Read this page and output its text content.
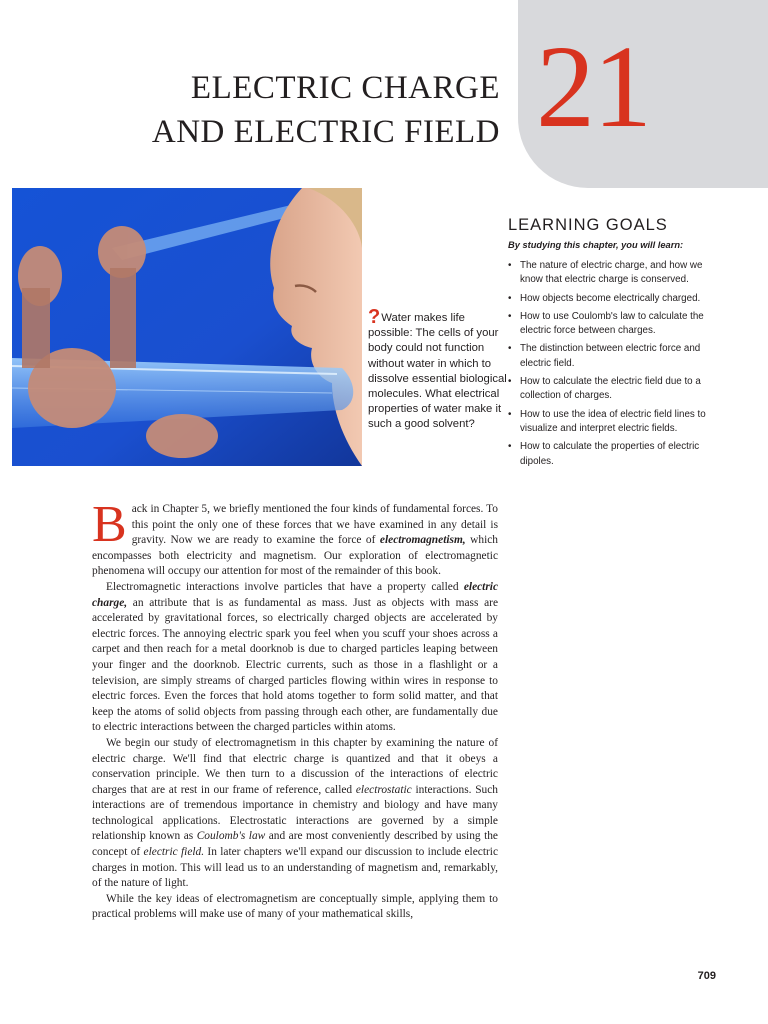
21
ELECTRIC CHARGE
AND ELECTRIC FIELD

?Water makes life possible: The cells of your body could not function without water in which to dissolve essential biological molecules. What electrical properties of water make it such a good solvent?

LEARNING GOALS

By studying this chapter, you will learn:

• The nature of electric charge, and how we know that electric charge is conserved.
• How objects become electrically charged.
• How to use Coulomb's law to calculate the electric force between charges.
• The distinction between electric force and electric field.
• How to calculate the electric field due to a collection of charges.
• How to use the idea of electric field lines to visualize and interpret electric fields.
• How to calculate the properties of electric dipoles.

Back in Chapter 5, we briefly mentioned the four kinds of fundamental forces. To this point the only one of these forces that we have examined in any detail is gravity. Now we are ready to examine the force of electromagnetism, which encompasses both electricity and magnetism. Our exploration of electromagnetic phenomena will occupy our attention for most of the remainder of this book.

Electromagnetic interactions involve particles that have a property called electric charge, an attribute that is as fundamental as mass. Just as objects with mass are accelerated by gravitational forces, so electrically charged objects are accelerated by electric forces. The annoying electric spark you feel when you scuff your shoes across a carpet and then reach for a metal doorknob is due to charged particles leaping between your finger and the doorknob. Electric currents, such as those in a flashlight or a television, are simply streams of charged particles flowing within wires in response to electric forces. Even the forces that hold atoms together to form solid matter, and that keep the atoms of solid objects from passing through each other, are fundamentally due to electric interactions between the charged particles within atoms.

We begin our study of electromagnetism in this chapter by examining the nature of electric charge. We'll find that electric charge is quantized and that it obeys a conservation principle. We then turn to a discussion of the interactions of electric charges that are at rest in our frame of reference, called electrostatic interactions. Such interactions are of tremendous importance in chemistry and biology and have many technological applications. Electrostatic interactions are governed by a simple relationship known as Coulomb's law and are most conveniently described by using the concept of electric field. In later chapters we'll expand our discussion to include electric charges in motion. This will lead us to an understanding of magnetism and, remarkably, of the nature of light.

While the key ideas of electromagnetism are conceptually simple, applying them to practical problems will make use of many of your mathematical skills,

709
